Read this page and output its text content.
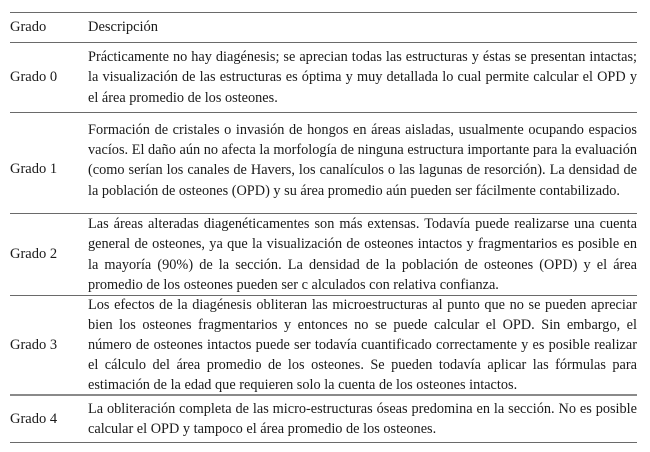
Grado	Descripción
Grado 0
Prácticamente no hay diagénesis; se aprecian todas las estructuras y éstas se presentan intactas; la visualización de las estructuras es óptima y muy detallada lo cual permite calcular el OPD y el área promedio de los osteones.
Grado 1
Formación de cristales o invasión de hongos en áreas aisladas, usualmente ocupando espacios vacíos. El daño aún no afecta la morfología de ninguna estructura importante para la evaluación (como serían los canales de Havers, los canalículos o las lagunas de resorción). La densidad de la población de osteones (OPD) y su área promedio aún pueden ser fácilmente contabilizado.
Grado 2
Las áreas alteradas diagenéticamentes son más extensas. Todavía puede realizarse una cuenta general de osteones, ya que la visualización de osteones intactos y fragmentarios es posible en la mayoría (90%) de la sección. La densidad de la población de osteones (OPD) y el área promedio de los osteones pueden ser c alculados con relativa confianza.
Grado 3
Los efectos de la diagénesis obliteran las microestructuras al punto que no se pueden apreciar bien los osteones fragmentarios y entonces no se puede calcular el OPD. Sin embargo, el número de osteones intactos puede ser todavía cuantificado correctamente y es posible realizar el cálculo del área promedio de los osteones. Se pueden todavía aplicar las fórmulas para estimación de la edad que requieren solo la cuenta de los osteones intactos.
Grado 4
La obliteración completa de las micro-estructuras óseas predomina en la sección. No es posible calcular el OPD y tampoco el área promedio de los osteones.
